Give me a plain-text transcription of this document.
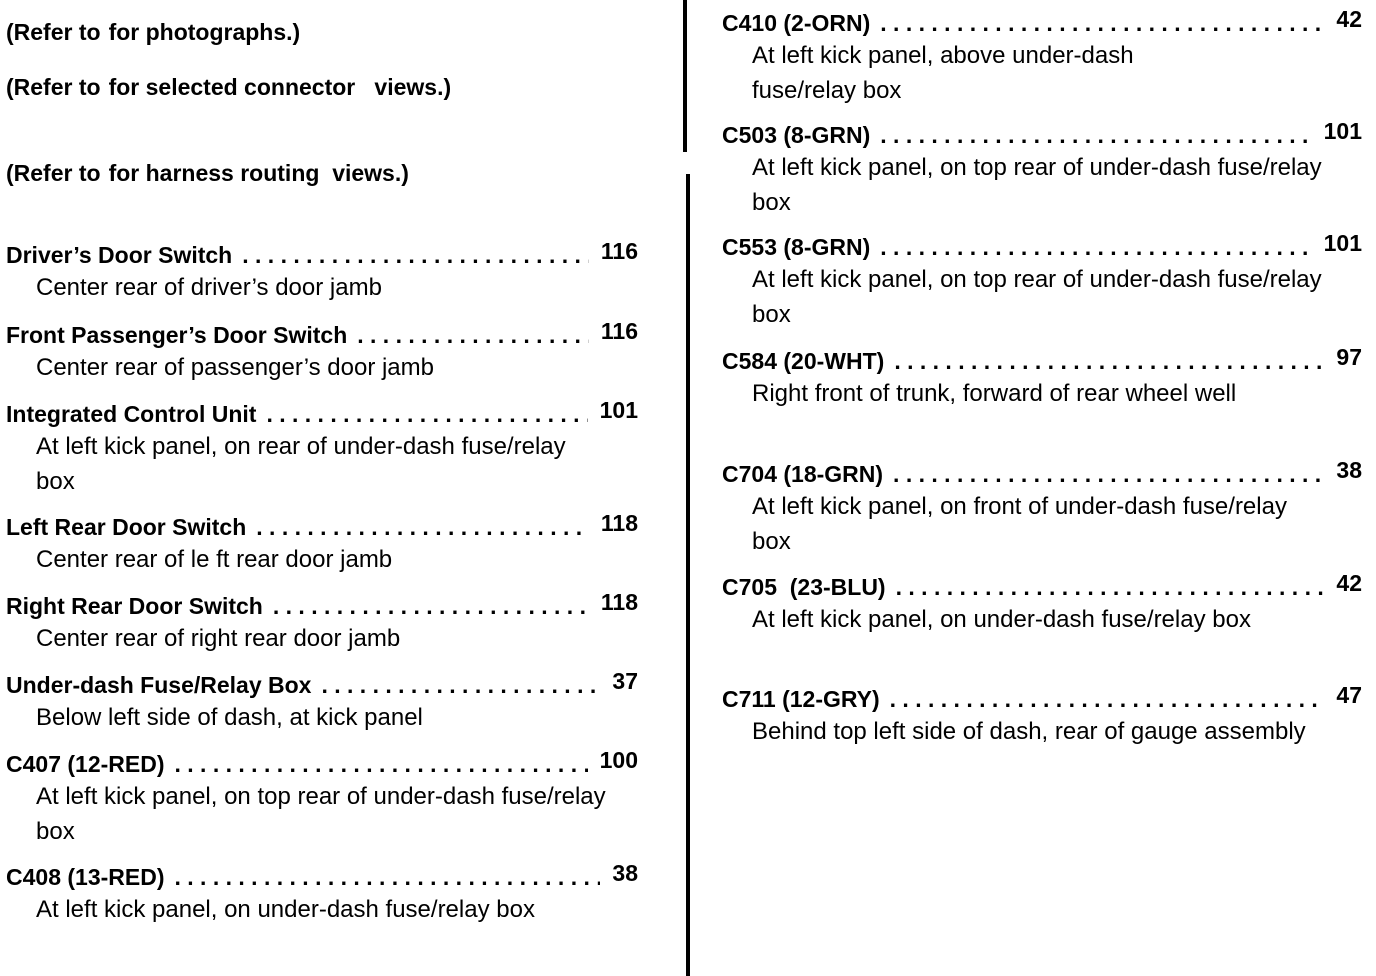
(Refer to for photographs.)
(Refer to for selected connector   views.)
(Refer to for harness routing  views.)
Driver’s Door Switch . . .	116
Center rear of driver’s door jamb
Front Passenger’s Door Switch . . .	116
Center rear of passenger’s door jamb
Integrated Control Unit . . .	101
At left kick panel, on rear of under-dash fuse/relay box
Left Rear Door Switch . . .	118
Center rear of le ft rear door jamb
Right Rear Door Switch . . .	118
Center rear of right rear door jamb
Under-dash Fuse/Relay Box . . .	37
Below left side of dash, at kick panel
C407 (12-RED) . . .	100
At left kick panel, on top rear of under-dash fuse/relay box
C408 (13-RED) . . .	38
At left kick panel, on under-dash fuse/relay box
C410 (2-ORN) . . .	42
At left kick panel, above under-dash fuse/relay box
C503 (8-GRN) . . .	101
At left kick panel, on top rear of under-dash fuse/relay box
C553 (8-GRN) . . .	101
At left kick panel, on top rear of under-dash fuse/relay box
C584 (20-WHT) . . .	97
Right front of trunk, forward of rear wheel well
C704 (18-GRN) . . .	38
At left kick panel, on front of under-dash fuse/relay box
C705  (23-BLU) . . .	42
At left kick panel, on under-dash fuse/relay box
C711 (12-GRY) . . .	47
Behind top left side of dash, rear of gauge assembly
